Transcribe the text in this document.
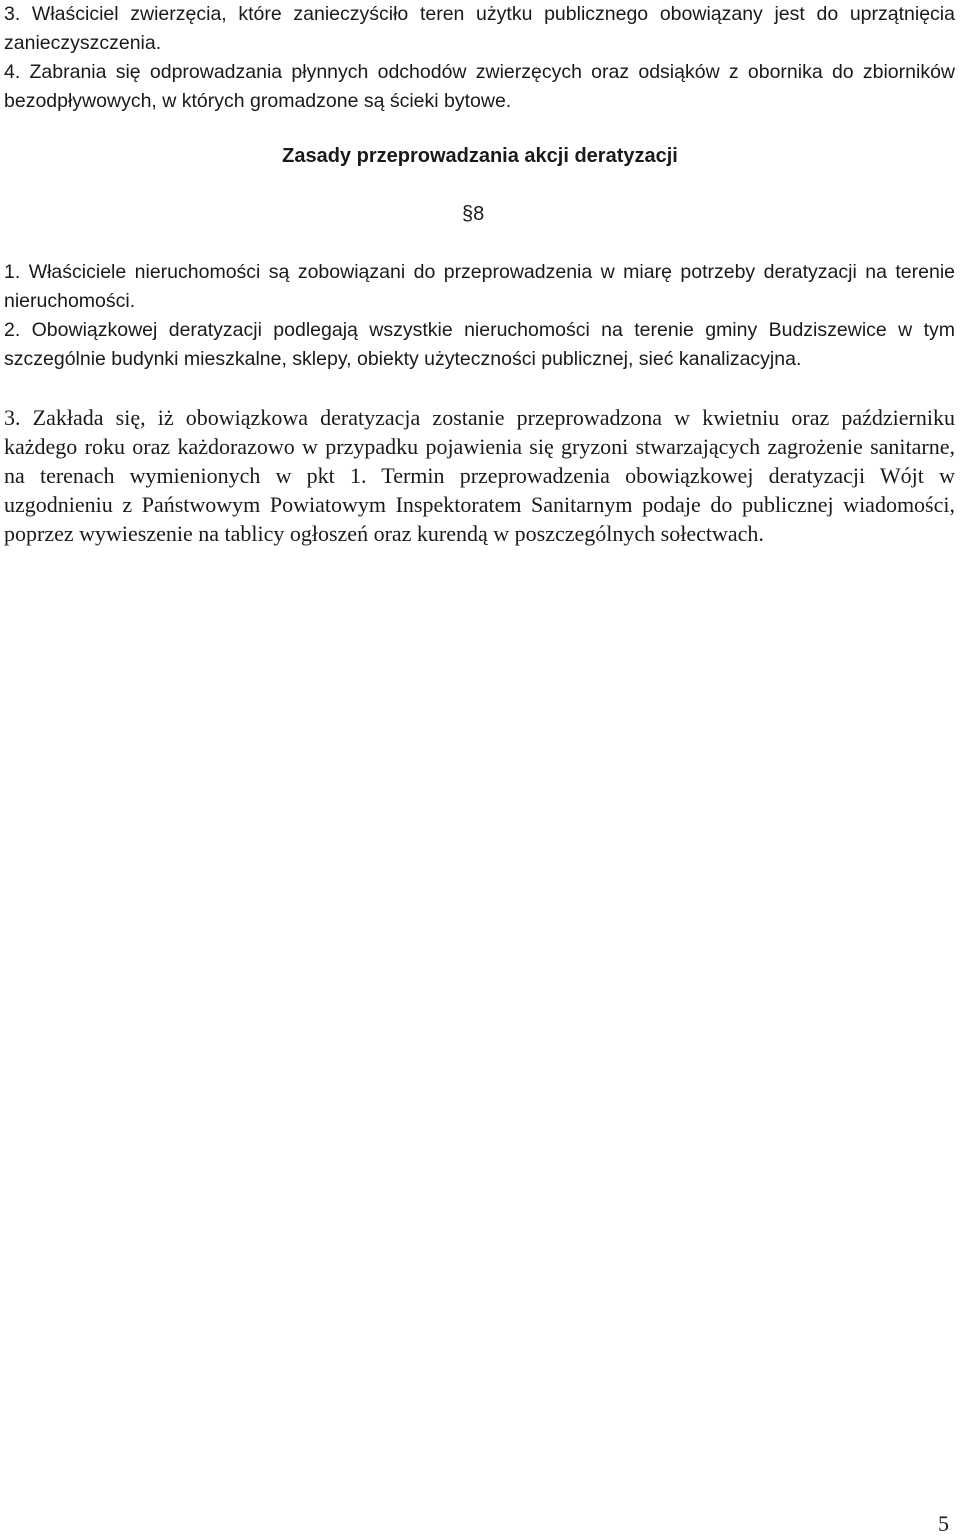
3. Właściciel zwierzęcia, które zanieczyściło teren użytku publicznego obowiązany jest do uprzątnięcia zanieczyszczenia.

4. Zabrania się odprowadzania płynnych odchodów zwierzęcych oraz odsiąków z obornika do zbiorników bezodpływowych, w których gromadzone są ścieki bytowe.

Zasady przeprowadzania akcji deratyzacji
§8

1. Właściciele nieruchomości są zobowiązani do przeprowadzenia w miarę potrzeby deratyzacji na terenie nieruchomości.

2. Obowiązkowej deratyzacji podlegają wszystkie nieruchomości na terenie gminy Budziszewice w tym szczególnie budynki mieszkalne, sklepy, obiekty użyteczności publicznej, sieć kanalizacyjna.

3. Zakłada się, iż obowiązkowa deratyzacja zostanie przeprowadzona w kwietniu oraz październiku każdego roku oraz każdorazowo w przypadku pojawienia się gryzoni stwarzających zagrożenie sanitarne, na terenach wymienionych w pkt 1. Termin przeprowadzenia obowiązkowej deratyzacji Wójt w uzgodnieniu z Państwowym Powiatowym Inspektoratem Sanitarnym podaje do publicznej wiadomości, poprzez wywieszenie na tablicy ogłoszeń oraz kurendą w poszczególnych sołectwach.

5
